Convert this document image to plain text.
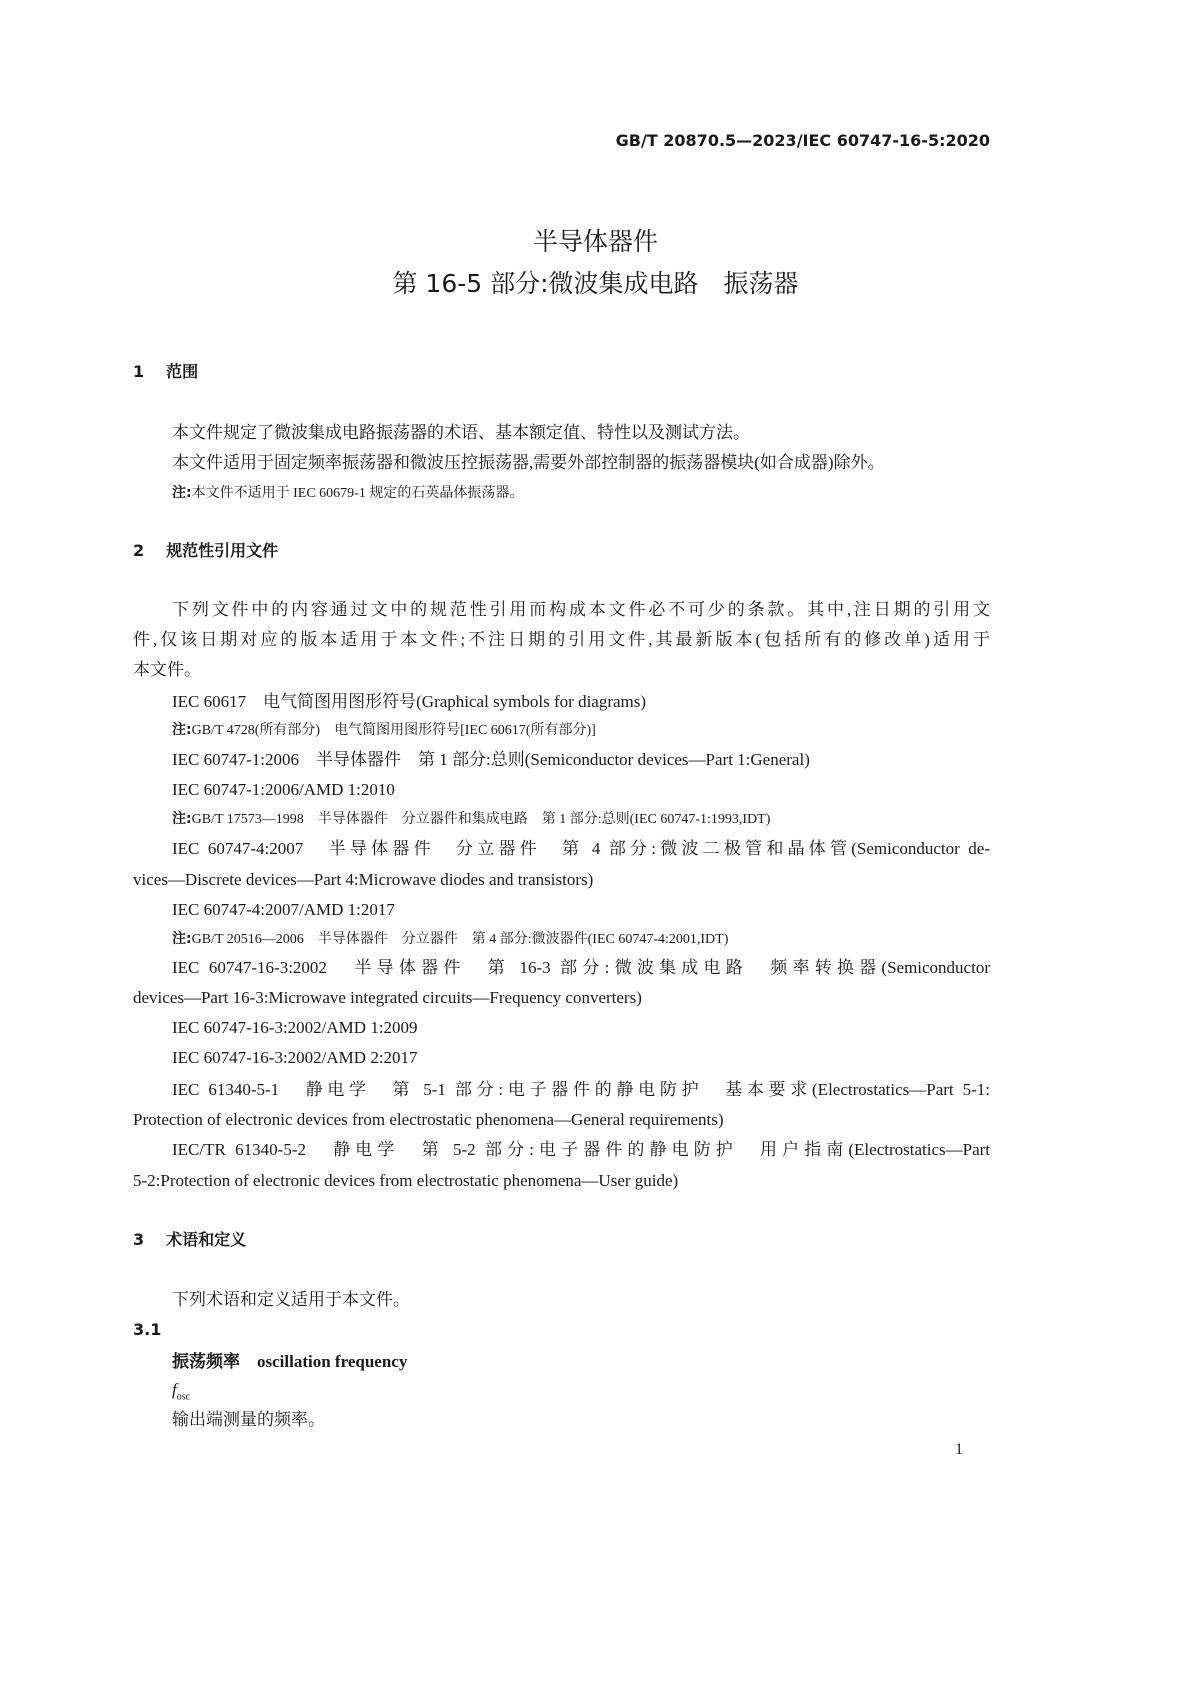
GB/T 20870.5—2023/IEC 60747-16-5:2020
半导体器件
第 16-5 部分:微波集成电路　振荡器
1 范围
本文件规定了微波集成电路振荡器的术语、基本额定值、特性以及测试方法。
本文件适用于固定频率振荡器和微波压控振荡器,需要外部控制器的振荡器模块(如合成器)除外。
注:本文件不适用于 IEC 60679-1 规定的石英晶体振荡器。
2 规范性引用文件
下列文件中的内容通过文中的规范性引用而构成本文件必不可少的条款。其中,注日期的引用文
件,仅该日期对应的版本适用于本文件;不注日期的引用文件,其最新版本(包括所有的修改单)适用于
本文件。
IEC 60617　电气简图用图形符号(Graphical symbols for diagrams)
注:GB/T 4728(所有部分)　电气简图用图形符号[IEC 60617(所有部分)]
IEC 60747-1:2006　半导体器件　第 1 部分:总则(Semiconductor devices—Part 1:General)
IEC 60747-1:2006/AMD 1:2010
注:GB/T 17573—1998　半导体器件　分立器件和集成电路　第 1 部分:总则(IEC 60747-1:1993,IDT)
IEC 60747-4:2007　半导体器件　分立器件　第 4 部分:微波二极管和晶体管(Semiconductor de-
vices—Discrete devices—Part 4:Microwave diodes and transistors)
IEC 60747-4:2007/AMD 1:2017
注:GB/T 20516—2006　半导体器件　分立器件　第 4 部分:微波器件(IEC 60747-4:2001,IDT)
IEC 60747-16-3:2002　半导体器件　第 16-3 部分:微波集成电路　频率转换器(Semiconductor
devices—Part 16-3:Microwave integrated circuits—Frequency converters)
IEC 60747-16-3:2002/AMD 1:2009
IEC 60747-16-3:2002/AMD 2:2017
IEC 61340-5-1　静电学　第 5-1 部分:电子器件的静电防护　基本要求(Electrostatics—Part 5-1:
Protection of electronic devices from electrostatic phenomena—General requirements)
IEC/TR 61340-5-2　静电学　第 5-2 部分:电子器件的静电防护　用户指南(Electrostatics—Part
5-2:Protection of electronic devices from electrostatic phenomena—User guide)
3 术语和定义
下列术语和定义适用于本文件。
3.1
振荡频率　oscillation frequency
$f_{osc}$
输出端测量的频率。
1
